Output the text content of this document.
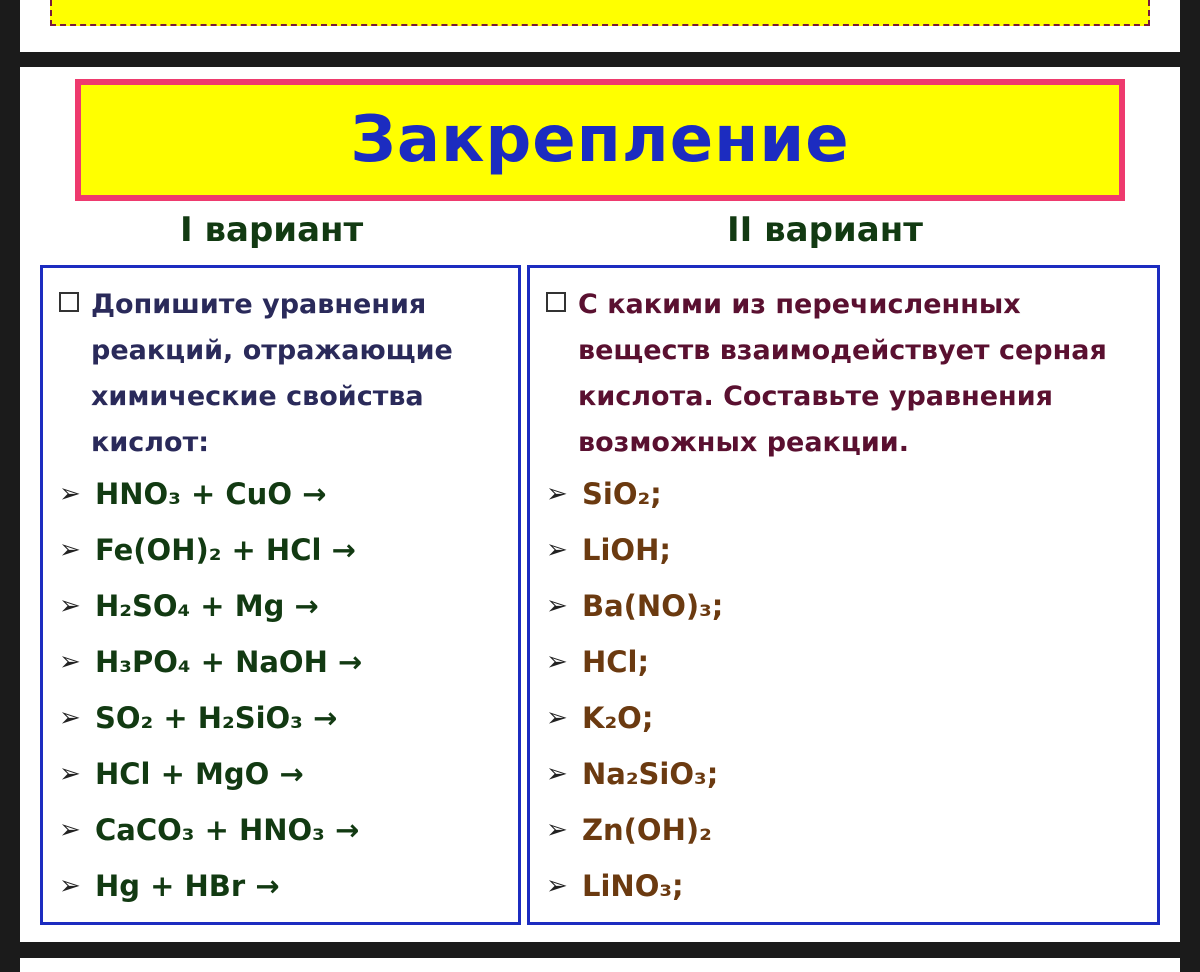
Закрепление
I вариант	II вариант
Допишите уравнения реакций, отражающие химические свойства кислот:
➢ HNO₃ + CuO →
➢ Fe(OH)₂ + HCl →
➢ H₂SO₄ + Mg →
➢ H₃PO₄ + NaOH →
➢ SO₂ + H₂SiO₃ →
➢ HCl + MgO →
➢ CaCO₃ + HNO₃ →
➢ Hg + HBr →
С какими из перечисленных веществ взаимодействует серная кислота. Составьте уравнения возможных реакции.
➢ SiO₂;
➢ LiOH;
➢ Ba(NO)₃;
➢ HCl;
➢ K₂O;
➢ Na₂SiO₃;
➢ Zn(OH)₂
➢ LiNO₃;
